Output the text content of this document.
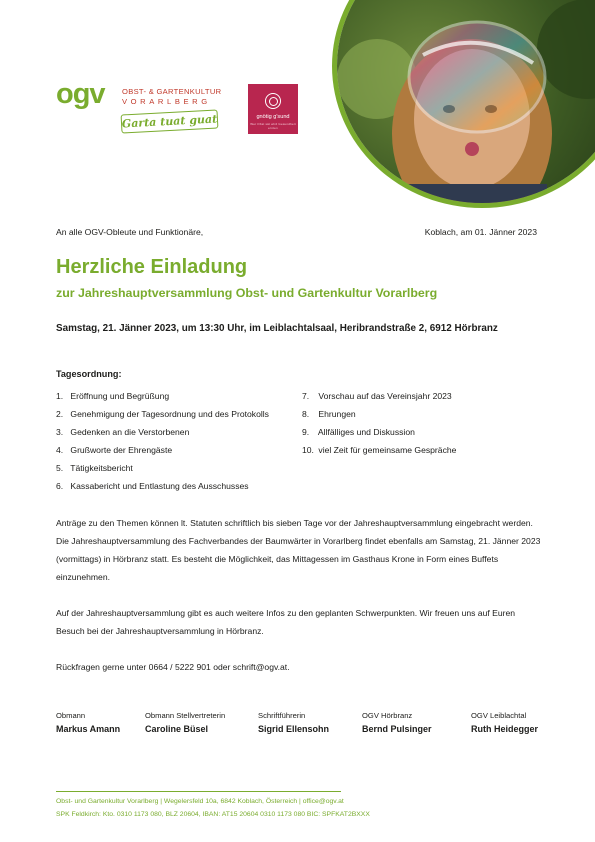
ogv OBST- & GARTENKULTUR
VORARLBERG
Garta tuat guat	gnötig g'sund
Wer Obst sät wird Gesundheit ernten
An alle OGV-Obleute und Funktionäre,	Koblach, am 01. Jänner 2023
Herzliche Einladung
zur Jahreshauptversammlung Obst- und Gartenkultur Vorarlberg
Samstag, 21. Jänner 2023, um 13:30 Uhr, im Leiblachtalsaal, Heribrandstraße 2, 6912 Hörbranz
Tagesordnung:
1. Eröffnung und Begrüßung
2. Genehmigung der Tagesordnung und des Protokolls
3. Gedenken an die Verstorbenen
4. Grußworte der Ehrengäste
5. Tätigkeitsbericht
6. Kassabericht und Entlastung des Ausschusses
7. Vorschau auf das Vereinsjahr 2023
8. Ehrungen
9. Allfälliges und Diskussion
10. viel Zeit für gemeinsame Gespräche
Anträge zu den Themen können lt. Statuten schriftlich bis sieben Tage vor der Jahreshauptversammlung eingebracht werden. Die Jahreshauptversammlung des Fachverbandes der Baumwärter in Vorarlberg findet ebenfalls am Samstag, 21. Jänner 2023 (vormittags) in Hörbranz statt. Es besteht die Möglichkeit, das Mittagessen im Gasthaus Krone in Form eines Buffets einzunehmen.
Auf der Jahreshauptversammlung gibt es auch weitere Infos zu den geplanten Schwerpunkten. Wir freuen uns auf Euren Besuch bei der Jahreshauptversammlung in Hörbranz.
Rückfragen gerne unter 0664 / 5222 901 oder schrift@ogv.at.
Obmann
Markus Amann
Obmann Stellvertreterin
Caroline Büsel
Schriftführerin
Sigrid Ellensohn
OGV Hörbranz
Bernd Pulsinger
OGV Leiblachtal
Ruth Heidegger
Obst- und Gartenkultur Vorarlberg | Wegelersfeld 10a, 6842 Koblach, Österreich | office@ogv.at
SPK Feldkirch: Kto. 0310 1173 080, BLZ 20604, IBAN: AT15 20604 0310 1173 080 BIC: SPFKAT2BXXX
